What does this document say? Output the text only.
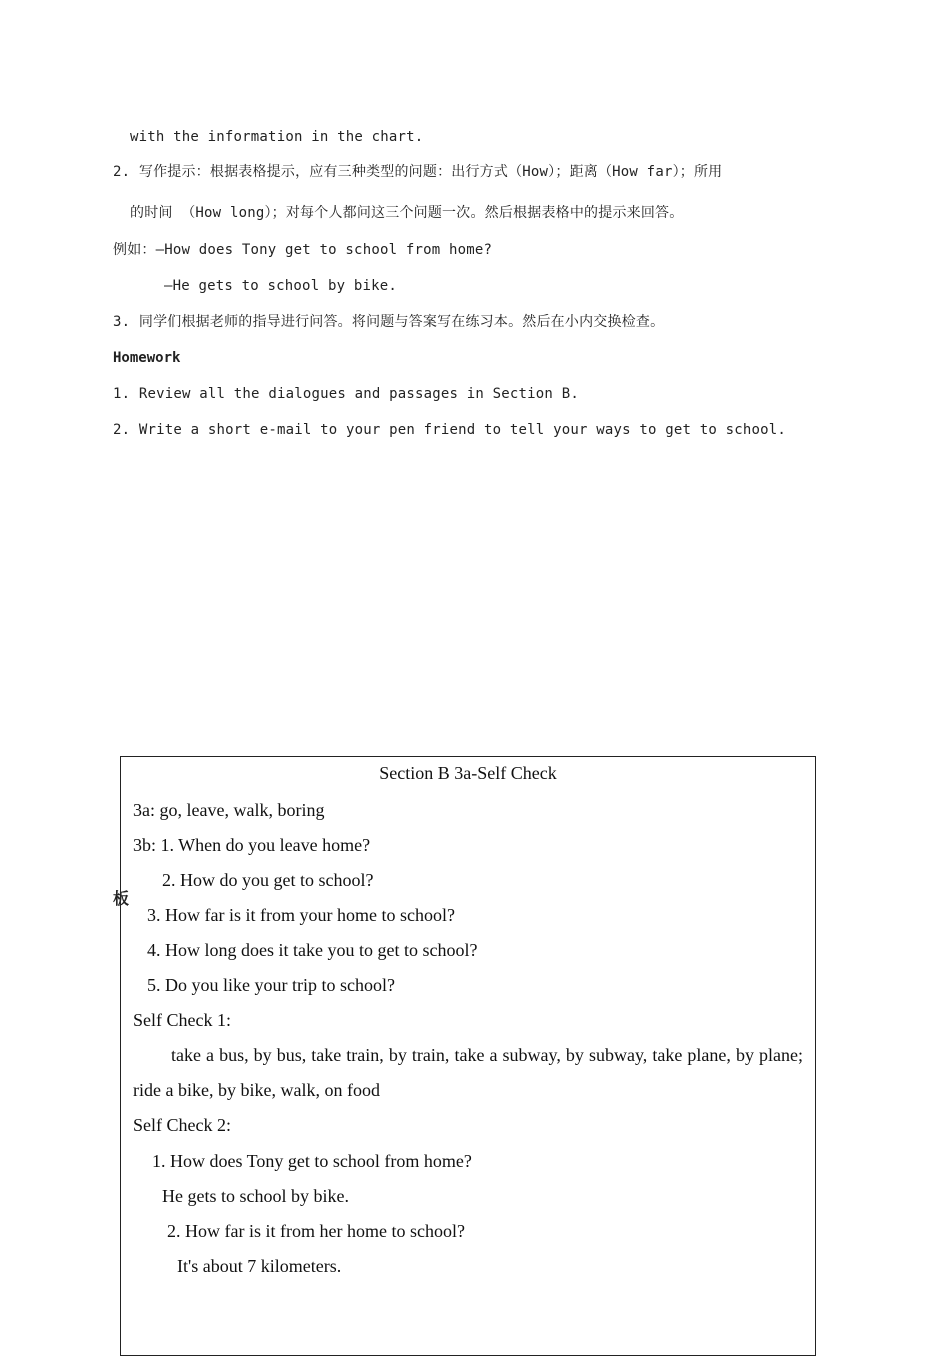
with the information in the chart.
2. 写作提示：根据表格提示，应有三种类型的问题：出行方式（How）；距离（How far）；所用
的时间 （How long）；对每个人都问这三个问题一次。然后根据表格中的提示来回答。
例如：—How does Tony get to school from home?
—He gets to school by bike.
3. 同学们根据老师的指导进行问答。将问题与答案写在练习本。然后在小内交换检查。
Homework
1. Review all the dialogues and passages in Section B.
2. Write a short e-mail to your pen friend to tell your ways to get to school.
板
Section B 3a-Self Check
3a: go, leave, walk, boring
3b: 1. When do you leave home?
2. How do you get to school?
3. How far is it from your home to school?
4. How long does it take you to get to school?
5. Do you like your trip to school?
Self Check 1:
take a bus, by bus, take train, by train, take a subway, by subway, take plane, by plane; ride a bike, by bike, walk, on food
Self Check 2:
1. How does Tony get to school from home?
He gets to school by bike.
2. How far is it from her home to school?
It's about 7 kilometers.
